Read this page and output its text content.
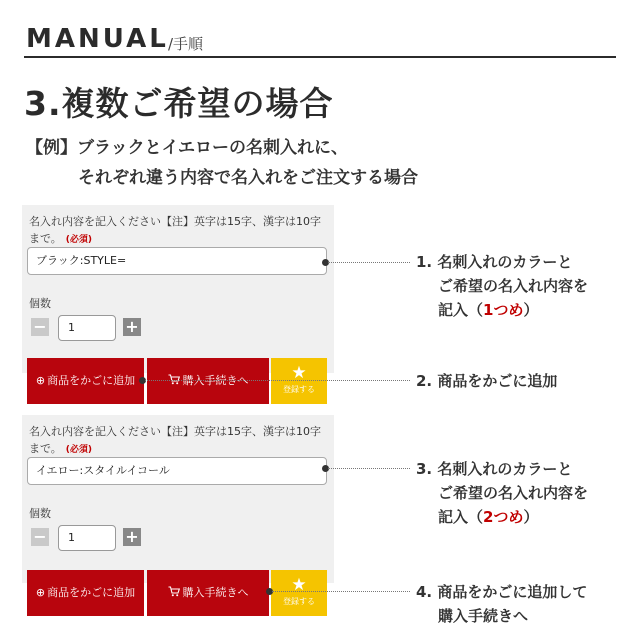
MANUAL /手順
3.複数ご希望の場合
【例】ブラックとイエローの名刺入れに、
それぞれ違う内容で名入れをご注文する場合
名入れ内容を記入ください【注】英字は15字、漢字は10字まで。 (必須)
ブラック:STYLE=
個数
−	1	+
⊕ 商品をかごに追加	購入手続きへ	★
登録する
名入れ内容を記入ください【注】英字は15字、漢字は10字まで。 (必須)
イエロー:スタイルイコール
個数
−	1	+
⊕ 商品をかごに追加	購入手続きへ	★
登録する
1. 名刺入れのカラーと
ご希望の名入れ内容を
記入（1つめ）
2. 商品をかごに追加
3. 名刺入れのカラーと
ご希望の名入れ内容を
記入（2つめ）
4. 商品をかごに追加して
購入手続きへ
